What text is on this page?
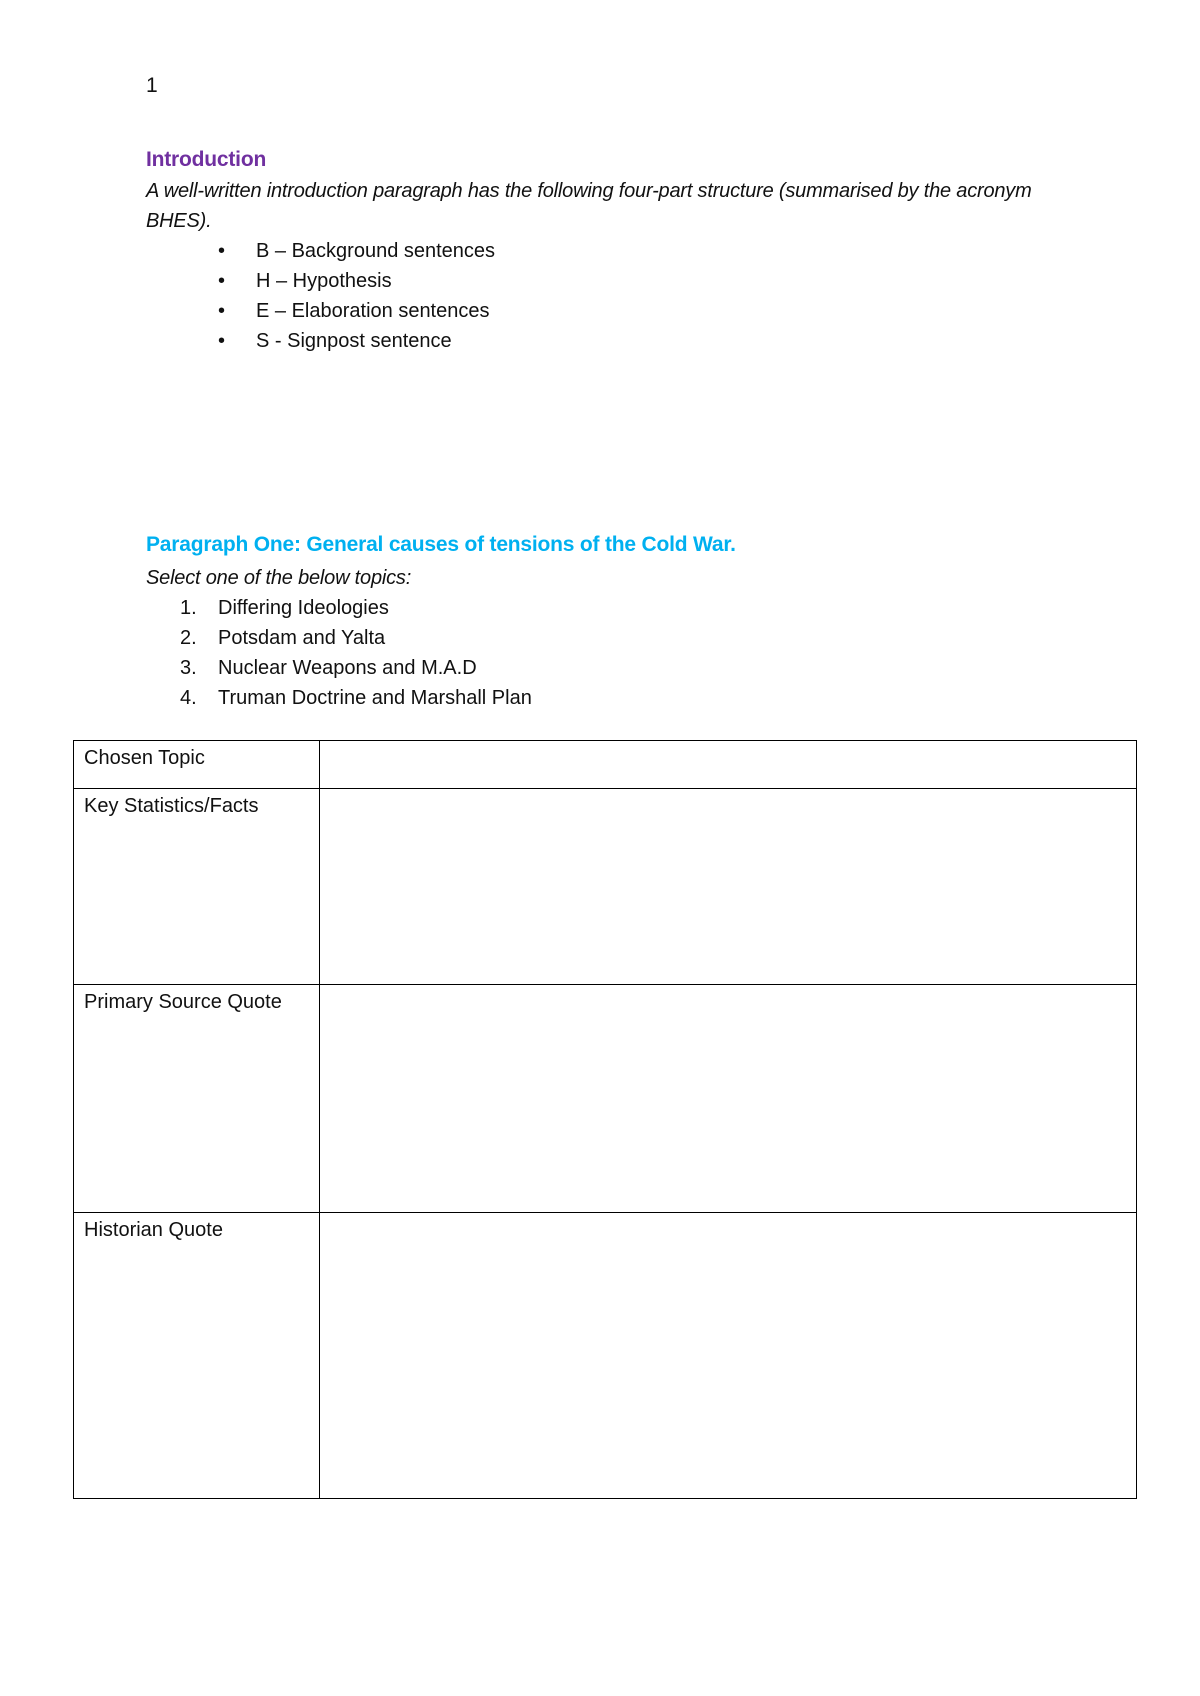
1
Introduction
A well-written introduction paragraph has the following four-part structure (summarised by the acronym BHES).
• B – Background sentences
• H – Hypothesis
• E – Elaboration sentences
• S - Signpost sentence
Paragraph One: General causes of tensions of the Cold War.
Select one of the below topics:
1. Differing Ideologies
2. Potsdam and Yalta
3. Nuclear Weapons and M.A.D
4. Truman Doctrine and Marshall Plan
Chosen Topic	
Key Statistics/Facts	
Primary Source Quote	
Historian Quote	
